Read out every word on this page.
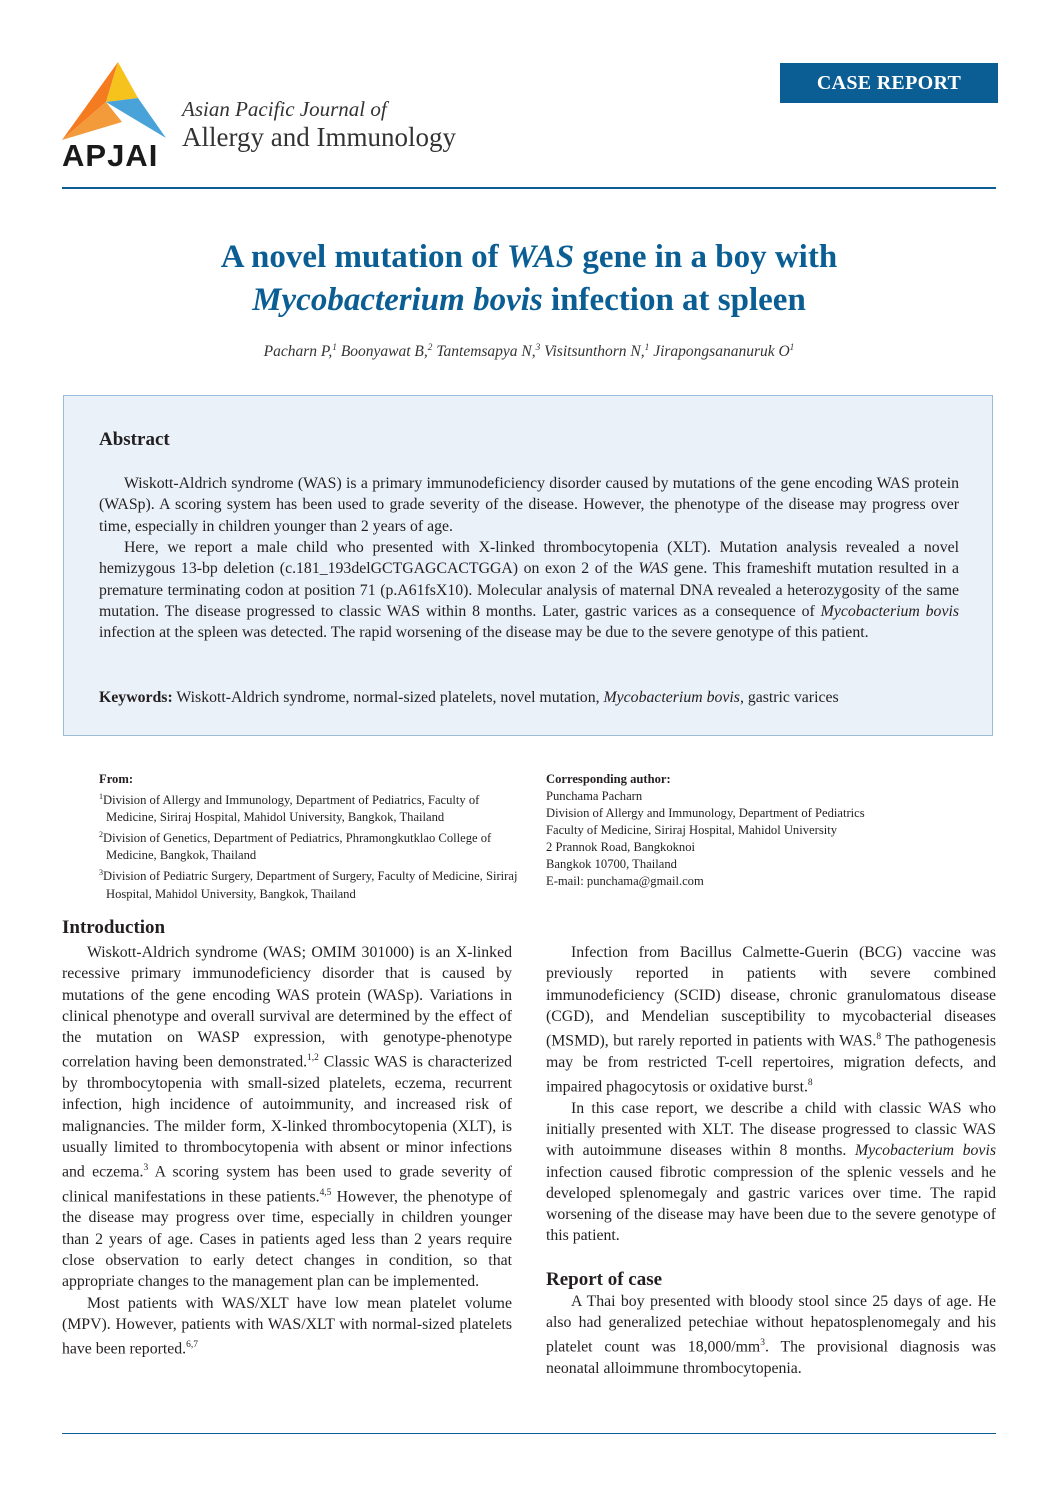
APJAI
Asian Pacific Journal of
Allergy and Immunology
CASE REPORT
A novel mutation of WAS gene in a boy with
Mycobacterium bovis infection at spleen
Pacharn P,$^1$ Boonyawat B,$^2$ Tantemsapya N,$^3$ Visitsunthorn N,$^1$ Jirapongsananuruk $O^1$
Abstract
Wiskott-Aldrich syndrome (WAS) is a primary immunodeficiency disorder caused by mutations of the gene encoding WAS protein (WASp). A scoring system has been used to grade severity of the disease. However, the phenotype of the disease may progress over time, especially in children younger than 2 years of age.
Here, we report a male child who presented with X-linked thrombocytopenia (XLT). Mutation analysis revealed a novel hemizygous 13-bp deletion (c.181_193delGCTGAGCACTGGA) on exon 2 of the WAS gene. This frameshift mutation resulted in a premature terminating codon at position 71 (p.A61fsX10). Molecular analysis of maternal DNA revealed a heterozygosity of the same mutation. The disease progressed to classic WAS within 8 months. Later, gastric varices as a consequence of Mycobacterium bovis infection at the spleen was detected. The rapid worsening of the disease may be due to the severe genotype of this patient.
Keywords: Wiskott-Aldrich syndrome, normal-sized platelets, novel mutation, Mycobacterium bovis, gastric varices
From:
$^1$Division of Allergy and Immunology, Department of Pediatrics, Faculty of Medicine, Siriraj Hospital, Mahidol University, Bangkok, Thailand
$^2$Division of Genetics, Department of Pediatrics, Phramongkutklao College of Medicine, Bangkok, Thailand
$^3$Division of Pediatric Surgery, Department of Surgery, Faculty of Medicine, Siriraj Hospital, Mahidol University, Bangkok, Thailand
Corresponding author:
Punchama Pacharn
Division of Allergy and Immunology, Department of Pediatrics
Faculty of Medicine, Siriraj Hospital, Mahidol University
2 Prannok Road, Bangkoknoi
Bangkok 10700, Thailand
E-mail: punchama@gmail.com
Introduction

Wiskott-Aldrich syndrome (WAS; OMIM 301000) is an X-linked recessive primary immunodeficiency disorder that is caused by mutations of the gene encoding WAS protein (WASp). Variations in clinical phenotype and overall survival are determined by the effect of the mutation on WASP expression, with genotype-phenotype correlation having been demonstrated.$^{1,2}$ Classic WAS is characterized by thrombocytopenia with small-sized platelets, eczema, recurrent infection, high incidence of autoimmunity, and increased risk of malignancies. The milder form, X-linked thrombocytopenia (XLT), is usually limited to thrombocytopenia with absent or minor infections and eczema.$^3$ A scoring system has been used to grade severity of clinical manifestations in these patients.$^{4,5}$ However, the phenotype of the disease may progress over time, especially in children younger than 2 years of age. Cases in patients aged less than 2 years require close observation to early detect changes in condition, so that appropriate changes to the management plan can be implemented.

Most patients with WAS/XLT have low mean platelet volume (MPV). However, patients with WAS/XLT with normal-sized platelets have been reported.$^{6,7}$

Infection from Bacillus Calmette-Guerin (BCG) vaccine was previously reported in patients with severe combined immunodeficiency (SCID) disease, chronic granulomatous disease (CGD), and Mendelian susceptibility to mycobacterial diseases (MSMD), but rarely reported in patients with WAS.$^8$ The pathogenesis may be from restricted T-cell repertoires, migration defects, and impaired phagocytosis or oxidative burst.$^8$

In this case report, we describe a child with classic WAS who initially presented with XLT. The disease progressed to classic WAS with autoimmune diseases within 8 months. Mycobacterium bovis infection caused fibrotic compression of the splenic vessels and he developed splenomegaly and gastric varices over time. The rapid worsening of the disease may have been due to the severe genotype of this patient.

Report of case

A Thai boy presented with bloody stool since 25 days of age. He also had generalized petechiae without hepatosplenomegaly and his platelet count was $18,000/mm^3$. The provisional diagnosis was neonatal alloimmune thrombocytopenia.
